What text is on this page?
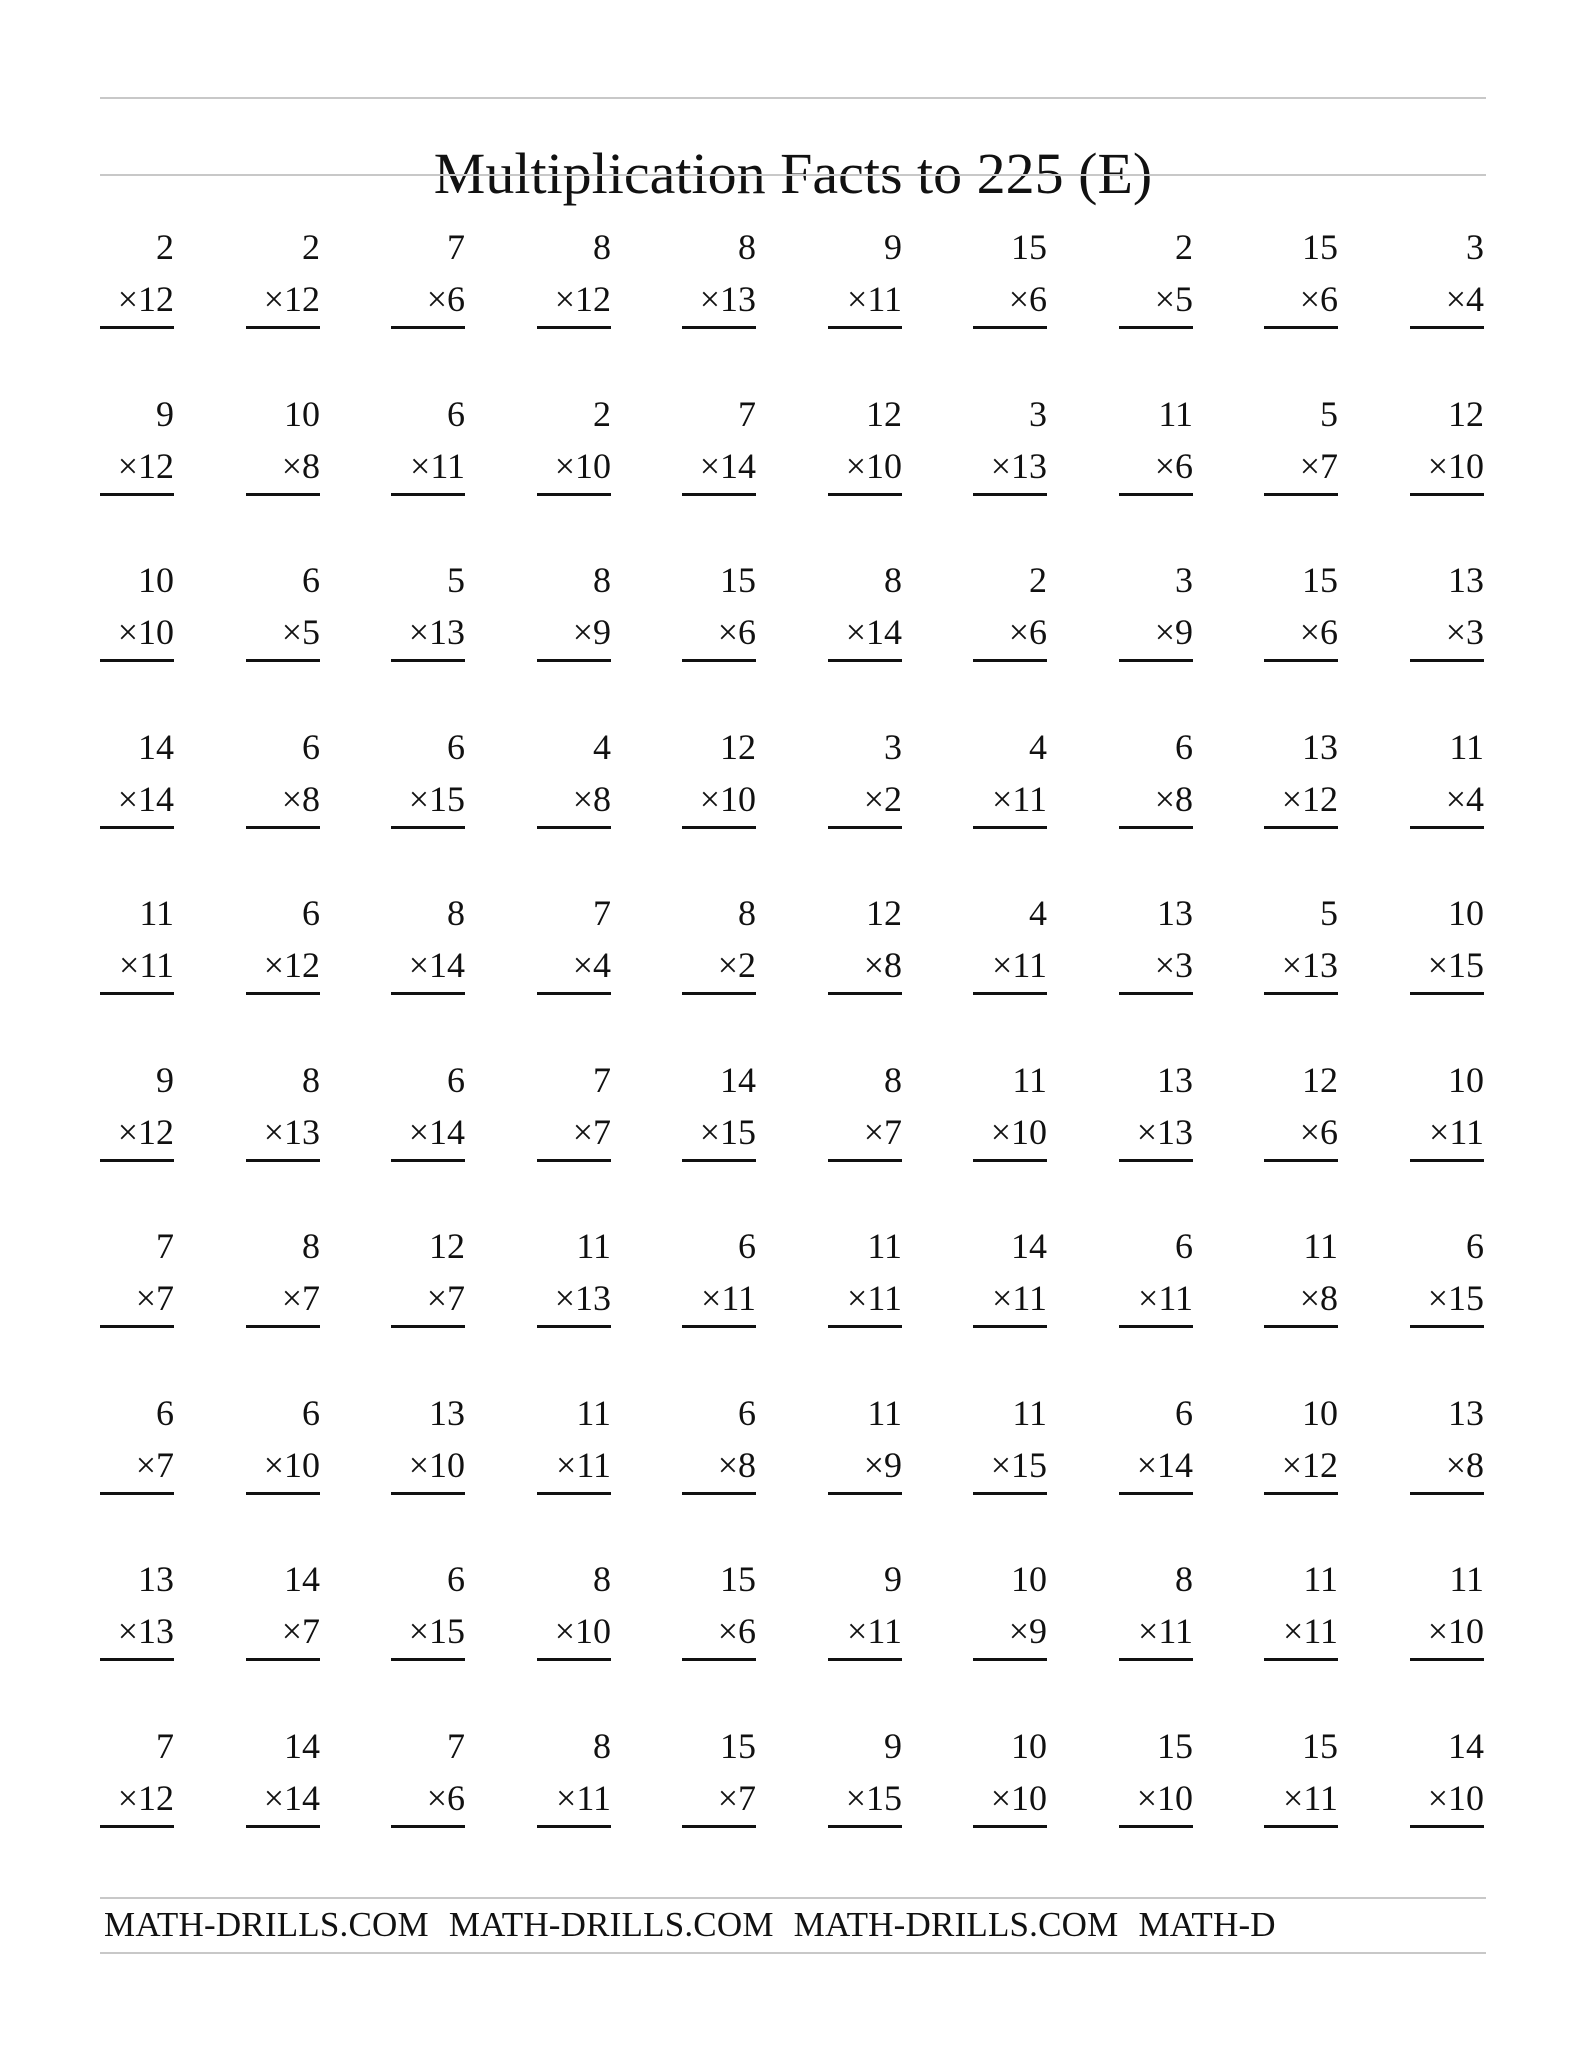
Multiplication Facts to 225 (E)
2
×12
2
×12
7
×6
8
×12
8
×13
9
×11
15
×6
2
×5
15
×6
3
×4
9
×12
10
×8
6
×11
2
×10
7
×14
12
×10
3
×13
11
×6
5
×7
12
×10
10
×10
6
×5
5
×13
8
×9
15
×6
8
×14
2
×6
3
×9
15
×6
13
×3
14
×14
6
×8
6
×15
4
×8
12
×10
3
×2
4
×11
6
×8
13
×12
11
×4
11
×11
6
×12
8
×14
7
×4
8
×2
12
×8
4
×11
13
×3
5
×13
10
×15
9
×12
8
×13
6
×14
7
×7
14
×15
8
×7
11
×10
13
×13
12
×6
10
×11
7
×7
8
×7
12
×7
11
×13
6
×11
11
×11
14
×11
6
×11
11
×8
6
×15
6
×7
6
×10
13
×10
11
×11
6
×8
11
×9
11
×15
6
×14
10
×12
13
×8
13
×13
14
×7
6
×15
8
×10
15
×6
9
×11
10
×9
8
×11
11
×11
11
×10
7
×12
14
×14
7
×6
8
×11
15
×7
9
×15
10
×10
15
×10
15
×11
14
×10
MATH-DRILLS.COM MATH-DRILLS.COM MATH-DRILLS.COM MATH-D
